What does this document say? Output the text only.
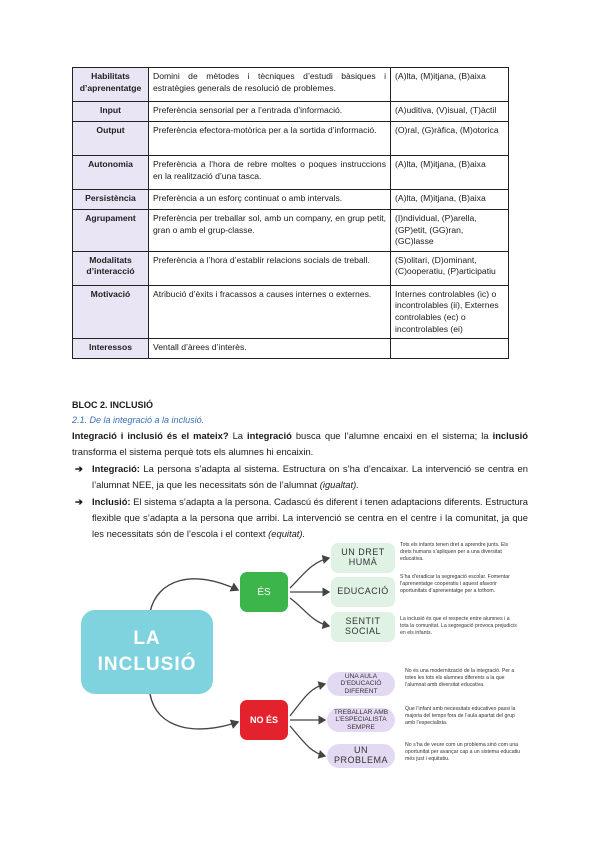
Habilitats d’aprenentatge	Domini de mètodes i tècniques d’estudi bàsiques i estratègies generals de resolució de problemes.	(A)lta, (M)itjana, (B)aixa
Input	Preferència sensorial per a l’entrada d’informació.	(A)uditiva, (V)isual, (T)àctil
Output	Preferència efectora-motòrica per a la sortida d’informació.	(O)ral, (G)ràfica, (M)otorica
Autonomia	Preferència a l’hora de rebre moltes o poques instruccions en la realització d’una tasca.	(A)lta, (M)itjana, (B)aixa
Persistència	Preferència a un esforç continuat o amb intervals.	(A)lta, (M)itjana, (B)aixa
Agrupament	Preferència per treballar sol, amb un company, en grup petit, gran o amb el grup-classe.	(I)ndividual, (P)arella, (GP)etit, (GG)ran, (GC)lasse
Modalitats d’interacció	Preferència a l’hora d’establir relacions socials de treball.	(S)olitari, (D)ominant, (C)ooperatiu, (P)articipatiu
Motivació	Atribució d’èxits i fracassos a causes internes o externes.	Internes controlables (ic) o incontrolables (ii), Externes controlables (ec) o incontrolables (ei)
Interessos	Ventall d’àrees d’interès.	
BLOC 2. INCLUSIÓ
2.1. De la integració a la inclusió.
Integració i inclusió és el mateix? La integració busca que l’alumne encaixi en el sistema; la inclusió transforma el sistema perquè tots els alumnes hi encaixin.
➔ Integració: La persona s’adapta al sistema. Estructura on s’ha d’encaixar. La intervenció se centra en l’alumnat NEE, ja que les necessitats són de l’alumnat (igualtat).
➔ Inclusió: El sistema s’adapta a la persona. Cadascú és diferent i tenen adaptacions diferents. Estructura flexible que s’adapta a la persona que arribi. La intervenció se centra en el centre i la comunitat, ja que les necessitats són de l’escola i el context (equitat).
LA
INCLUSIÓ
ÉS
NO ÉS
UN DRET HUMÀ
EDUCACIÓ
SENTIT SOCIAL
UNA AULA D’EDUCACIÓ DIFERENT
TREBALLAR AMB L’ESPECIALISTA SEMPRE
UN PROBLEMA
Tots els infants tenen dret a aprendre junts. Els drets humans s’apliquen per a una diversitat educativa.
S’ha d’eradicar la segregació escolar. Fomentar l’aprenentatge cooperatiu i aquest afavorir oportunitats d’aprenentatge per a tothom.
La inclusió és que el respecte entre alumnes i a tota la comunitat. La segregació provoca prejudicis en els infants.
No és una modernització de la integració. Per a totes les tots els alumnes diferents a la que l’alumnat amb diversitat educativa.
Que l’infant amb necessitats educatives passi la majoria del temps fora de l’aula apartat del grup amb l’especialista.
No s’ha de veure com un problema sinó com una oportunitat per avançar cap a un sistema educatiu més just i equitatiu.
